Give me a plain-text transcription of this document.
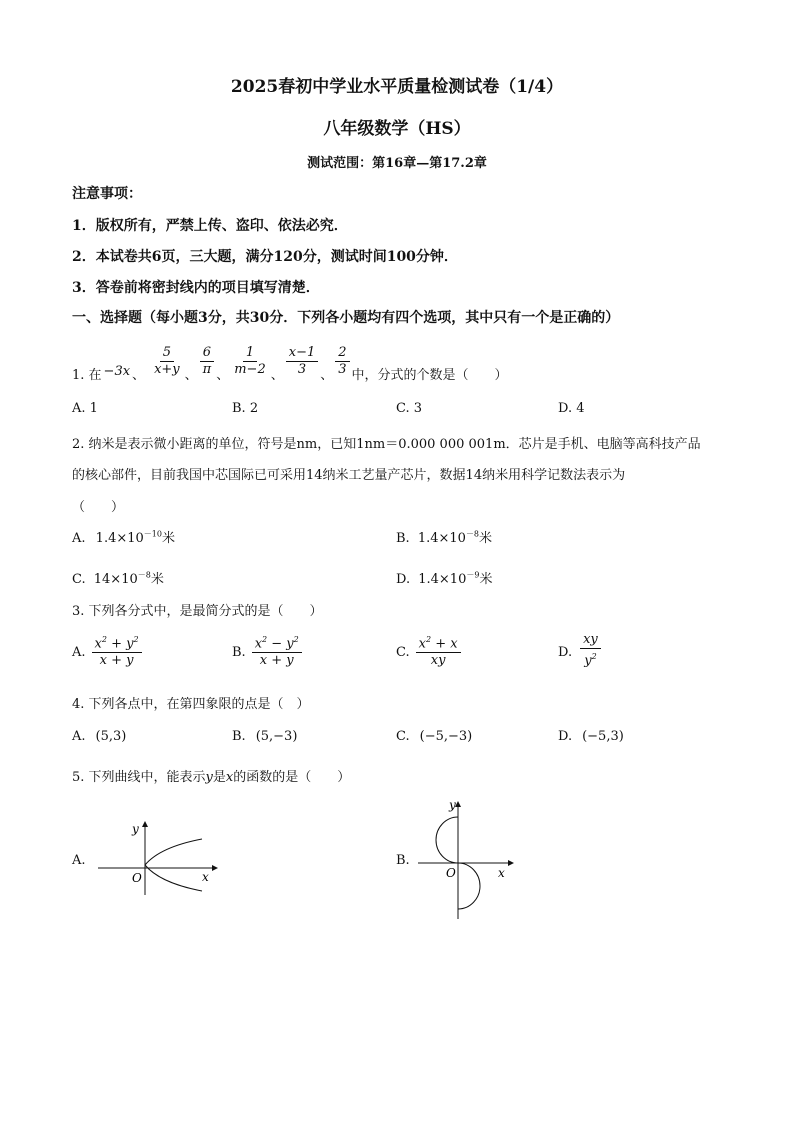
2025春初中学业水平质量检测试卷（1/4）
八年级数学（HS）
测试范围：第16章—第17.2章
注意事项：
1．版权所有，严禁上传、盗印、依法必究．
2．本试卷共6页，三大题，满分120分，测试时间100分钟．
3．答卷前将密封线内的项目填写清楚．
一、选择题（每小题3分，共30分．下列各小题均有四个选项，其中只有一个是正确的）
1. 在 −3x 、 $\frac{5}{x+y}$ 、 $\frac{6}{\pi}$ 、 $\frac{1}{m-2}$ 、 $\frac{x-1}{3}$ 、 $\frac{2}{3}$ 中，分式的个数是（　　）
A. 1	B. 2	C. 3	D. 4
2. 纳米是表示微小距离的单位，符号是nm，已知1nm＝0.000 000 001m．芯片是手机、电脑等高科技产品
的核心部件，目前我国中芯国际已可采用14纳米工艺量产芯片，数据14纳米用科学记数法表示为
（　　）
A. $1.4\times 10^{-10}$米	B. $1.4\times 10^{-8}$米
C. $14\times 10^{-8}$米	D. $1.4\times 10^{-9}$米
3. 下列各分式中，是最简分式的是（　　）
A. $\frac{x^2 + y^2}{x + y}$	B. $\frac{x^2 - y^2}{x + y}$	C. $\frac{x^2 + x}{xy}$	D. $\frac{xy}{y^2}$
4. 下列各点中，在第四象限的点是（　）
A. (5,3)	B. (5,−3)	C. (−5,−3)	D. (−5,3)
5. 下列曲线中，能表示y是x的函数的是（　　）
A.
y
x
O
B.
y
x
O
